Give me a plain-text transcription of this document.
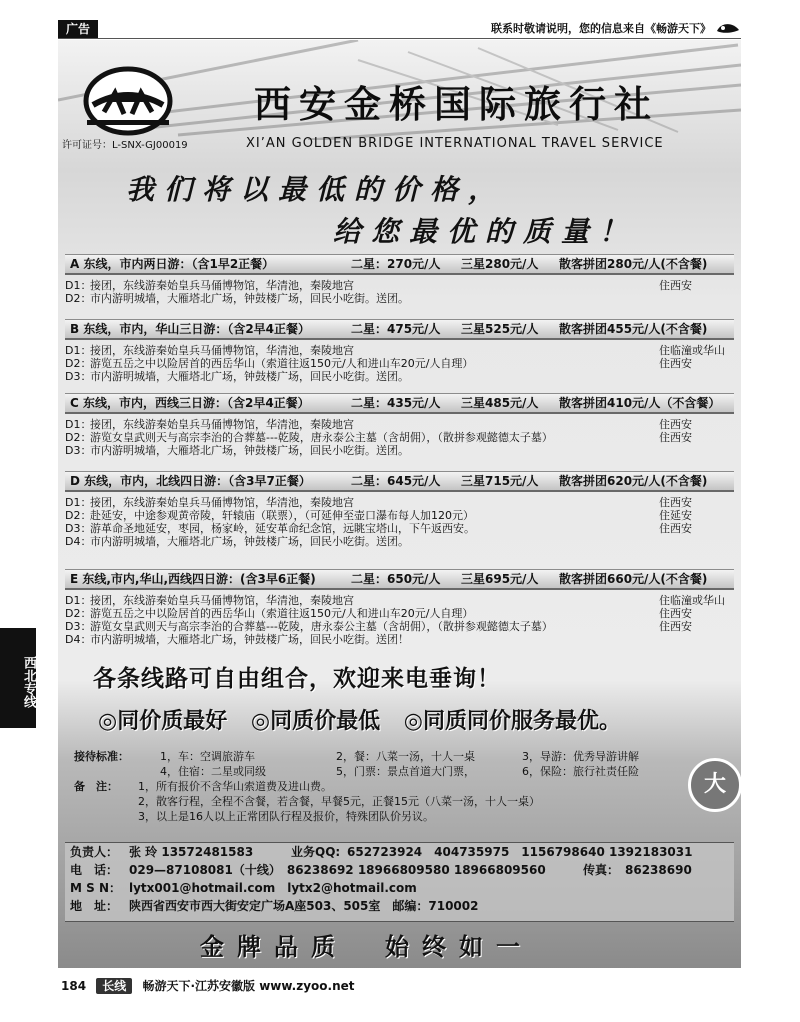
广告	联系时敬请说明，您的信息来自《畅游天下》
西安金桥国际旅行社
许可证号：L-SNX-GJ00019	XI’AN GOLDEN BRIDGE INTERNATIONAL TRAVEL SERVICE
我们将以最低的价格，
给您最优的质量！
A 东线，市内两日游：（含1早2正餐）	二星：270元/人 三星280元/人 散客拼团280元/人(不含餐)
D1：
接团，东线游秦始皇兵马俑博物馆，华清池，秦陵地宫	住西安
D2：
市内游明城墙，大雁塔北广场，钟鼓楼广场，回民小吃街。送团。
B 东线，市内，华山三日游：（含2早4正餐）	二星：475元/人 三星525元/人 散客拼团455元/人(不含餐)
D1：
接团，东线游秦始皇兵马俑博物馆，华清池，秦陵地宫	住临潼或华山
D2：
游览五岳之中以险居首的西岳华山（索道往返150元/人和进山车20元/人自理）	住西安
D3：
市内游明城墙，大雁塔北广场，钟鼓楼广场，回民小吃街。送团。
C 东线，市内，西线三日游：（含2早4正餐）	二星：435元/人 三星485元/人 散客拼团410元/人（不含餐）
D1：
接团，东线游秦始皇兵马俑博物馆，华清池，秦陵地宫	住西安
D2：
游览女皇武则天与高宗李治的合葬墓---乾陵，唐永泰公主墓（含胡佣），（散拼参观懿德太子墓）	住西安
D3：
市内游明城墙，大雁塔北广场，钟鼓楼广场，回民小吃街。送团。
D 东线，市内，北线四日游：（含3早7正餐）	二星：645元/人 三星715元/人 散客拼团620元/人(不含餐)
D1：
接团，东线游秦始皇兵马俑博物馆，华清池，秦陵地宫	住西安
D2：
赴延安，中途参观黄帝陵，轩辕庙（联票），（可延伸至壶口瀑布每人加120元）	住延安
D3：
游革命圣地延安，枣园，杨家岭，延安革命纪念馆，远眺宝塔山，下午返西安。	住西安
D4：
市内游明城墙，大雁塔北广场，钟鼓楼广场，回民小吃街。送团。
E 东线,市内,华山,西线四日游：(含3早6正餐)	二星：650元/人 三星695元/人 散客拼团660元/人(不含餐)
D1：
接团，东线游秦始皇兵马俑博物馆，华清池，秦陵地宫	住临潼或华山
D2：
游览五岳之中以险居首的西岳华山（索道往返150元/人和进山车20元/人自理）	住西安
D3：
游览女皇武则天与高宗李治的合葬墓---乾陵，唐永泰公主墓（含胡佣），（散拼参观懿德太子墓）	住西安
D4：
市内游明城墙，大雁塔北广场，钟鼓楼广场，回民小吃街。送团！
各条线路可自由组合，欢迎来电垂询！
◎同价质最好 ◎同质价最低 ◎同质同价服务最优。
大
接待标准：	1，车：空调旅游车	2，餐：八菜一汤，十人一桌	3，导游：优秀导游讲解
4，住宿：二星或同级	5，门票：景点首道大门票，	6，保险：旅行社责任险
备　注： 1，所有报价不含华山索道费及进山费。
2，散客行程，全程不含餐，若含餐，早餐5元，正餐15元（八菜一汤，十人一桌）
3，以上是16人以上正常团队行程及报价，特殊团队价另议。
负责人： 张 玲 13572481583	业务QQ: 652723924　404735975　1156798640 1392183031
电　话： 029—87108081（十线）　86238692 18966809580 18966809560	传真： 86238690
M S N： lytx001@hotmail.com　lytx2@hotmail.com
地　址： 陕西省西安市西大街安定广场A座503、505室　邮编：710002
金牌品质　始终如一
西北专线
184 长线 畅游天下·江苏安徽版 www.zyoo.net
